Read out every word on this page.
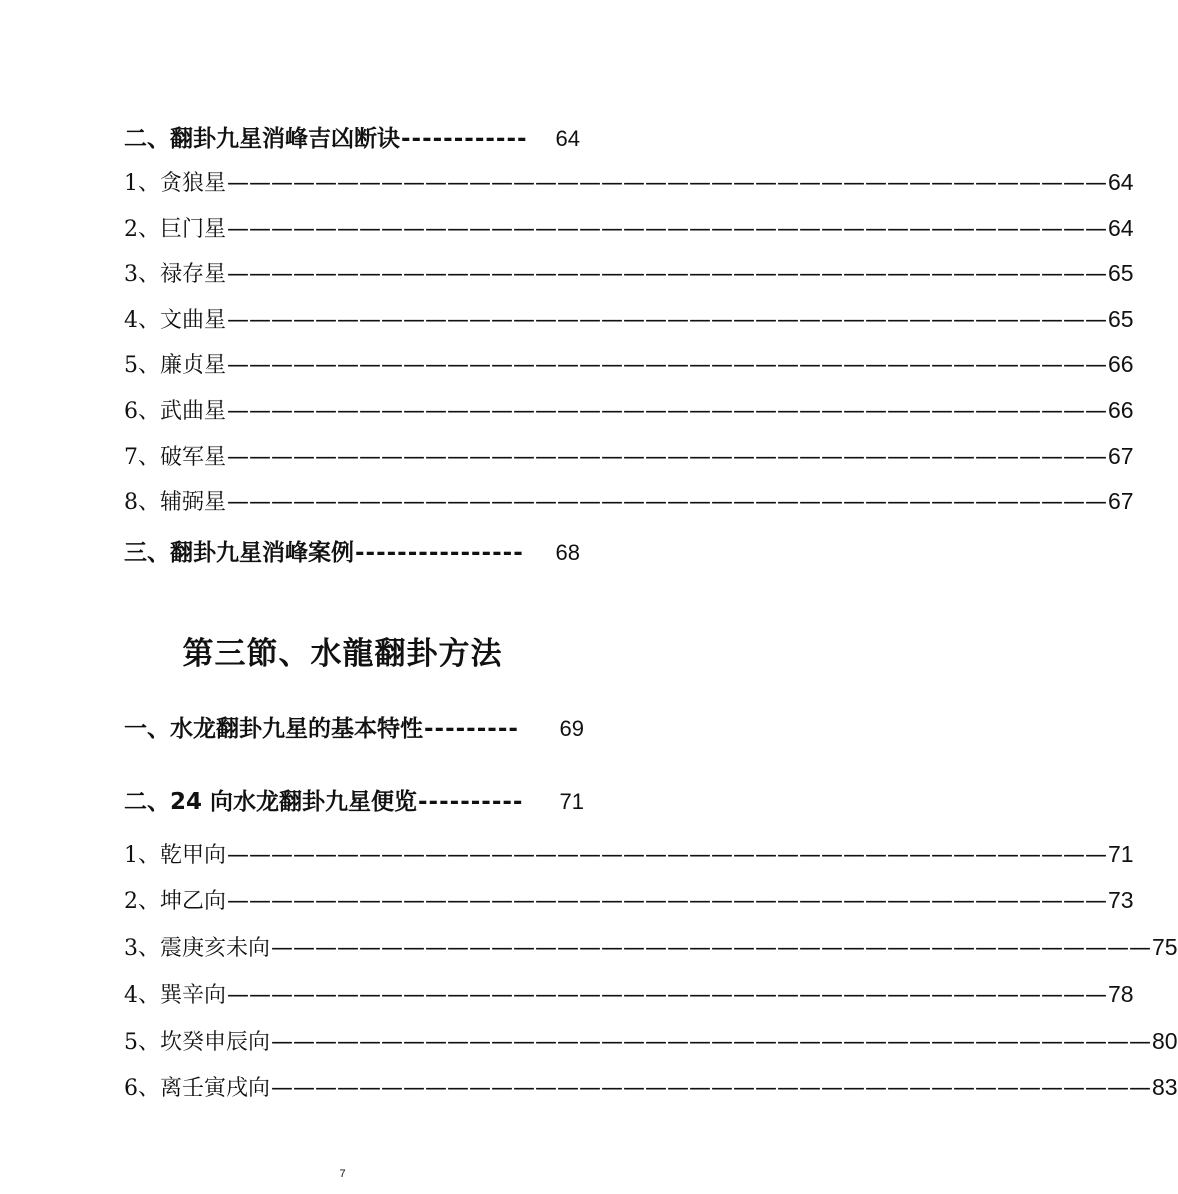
二、翻卦九星消峰吉凶断诀 ------------	64
1、贪狼星 ———————————————————————————————————————— 64
2、巨门星 ———————————————————————————————————————— 64
3、禄存星 ———————————————————————————————————————— 65
4、文曲星 ———————————————————————————————————————— 65
5、廉贞星 ———————————————————————————————————————— 66
6、武曲星 ———————————————————————————————————————— 66
7、破军星 ———————————————————————————————————————— 67
8、辅弼星 ———————————————————————————————————————— 67
三、翻卦九星消峰案例 ----------------	68
第三節、水龍翻卦方法
一、水龙翻卦九星的基本特性 ---------	69
二、24 向水龙翻卦九星便览 ----------	71
1、乾甲向 ———————————————————————————————————————— 71
2、坤乙向 ———————————————————————————————————————— 73
3、震庚亥未向 ———————————————————————————————————————— 75
4、巽辛向 ———————————————————————————————————————— 78
5、坎癸申辰向 ———————————————————————————————————————— 80
6、离壬寅戌向 ———————————————————————————————————————— 83
7
